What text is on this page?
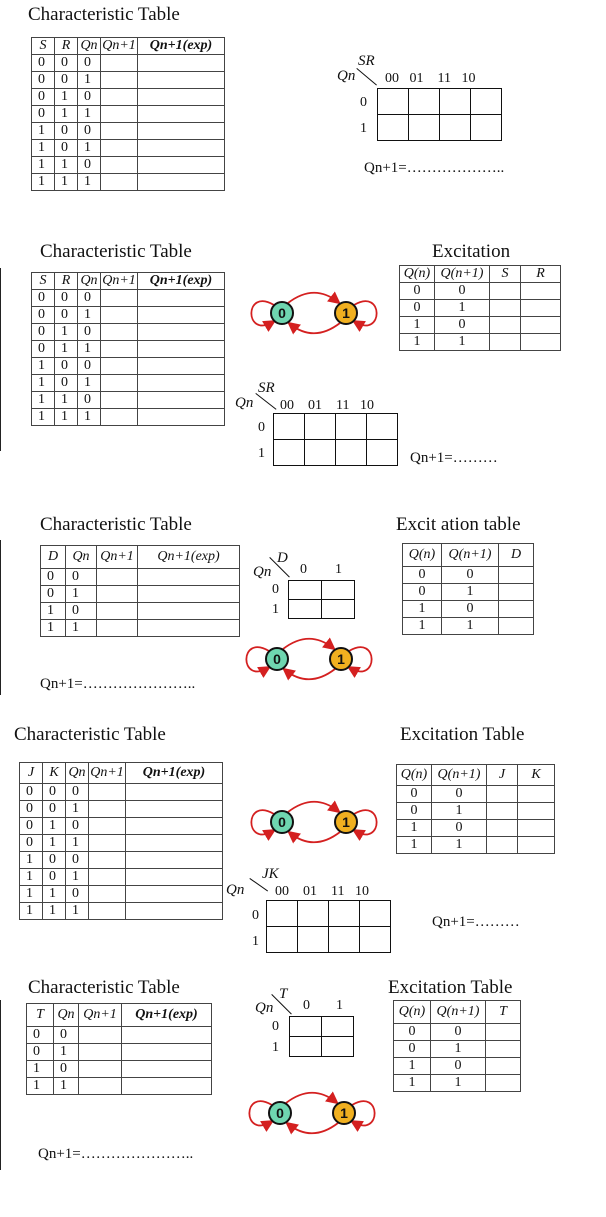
Characteristic Table
S	R	Qn	Qn+1	Qn+1(exp)
0	0	0		
0	0	1		
0	1	0		
0	1	1		
1	0	0		
1	0	1		
1	1	0		
1	1	1		
SR
Qn 00 01 11 10
0
1

Qn+1=………………..
Characteristic Table
S	R	Qn	Qn+1	Qn+1(exp)
0	0	0		
0	0	1		
0	1	0		
0	1	1		
1	0	0		
1	0	1		
1	1	0		
1	1	1		
0	1
Excitation
Q(n)	Q(n+1)	S	R
0	0		
0	1		
1	0		
1	1		
SR
Qn 00 01 11 10
0
1

				Qn+1=………
Characteristic Table
D	Qn	Qn+1	Qn+1(exp)
0	0		
0	1		
1	0		
1	1		
D
Qn 0 1
0
1

0	1
Excit ation table
Q(n)	Q(n+1)	D
0	0	
0	1	
1	0	
1	1	
Qn+1=…………………..
Characteristic Table	Excitation Table
J	K	Qn	Qn+1	Qn+1(exp)
0	0	0		
0	0	1		
0	1	0		
0	1	1		
1	0	0		
1	0	1		
1	1	0		
1	1	1		
0	1
Q(n)	Q(n+1)	J	K
0	0		
0	1		
1	0		
1	1		
JK
Qn 00 01 11 10
0
1

Qn+1=………
Characteristic Table
T	Qn	Qn+1	Qn+1(exp)
0	0		
0	1		
1	0		
1	1		
T
Qn 0 1
0
1

0	1
Excitation Table
Q(n)	Q(n+1)	T
0	0	
0	1	
1	0	
1	1	
Qn+1=…………………..
